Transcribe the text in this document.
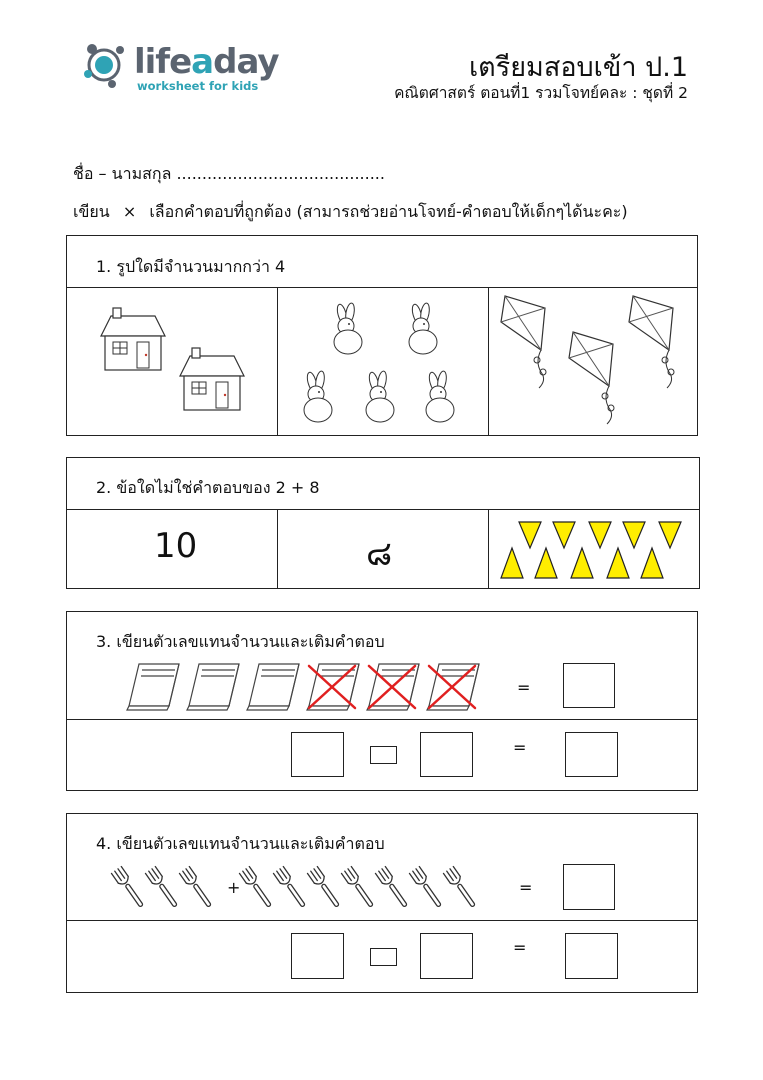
lifeaday
worksheet for kids
เตรียมสอบเข้า ป.1
คณิตศาสตร์ ตอนที่1 รวมโจทย์คละ : ชุดที่ 2
ชื่อ – นามสกุล .........................................
เขียน × เลือกคำตอบที่ถูกต้อง (สามารถช่วยอ่านโจทย์-คำตอบให้เด็กๆได้นะคะ)
1. รูปใดมีจำนวนมากกว่า 4
2. ข้อใดไม่ใช่คำตอบของ 2 + 8
10	๘
3. เขียนตัวเลขแทนจำนวนและเติมคำตอบ
=
=
4. เขียนตัวเลขแทนจำนวนและเติมคำตอบ
+	=
=
